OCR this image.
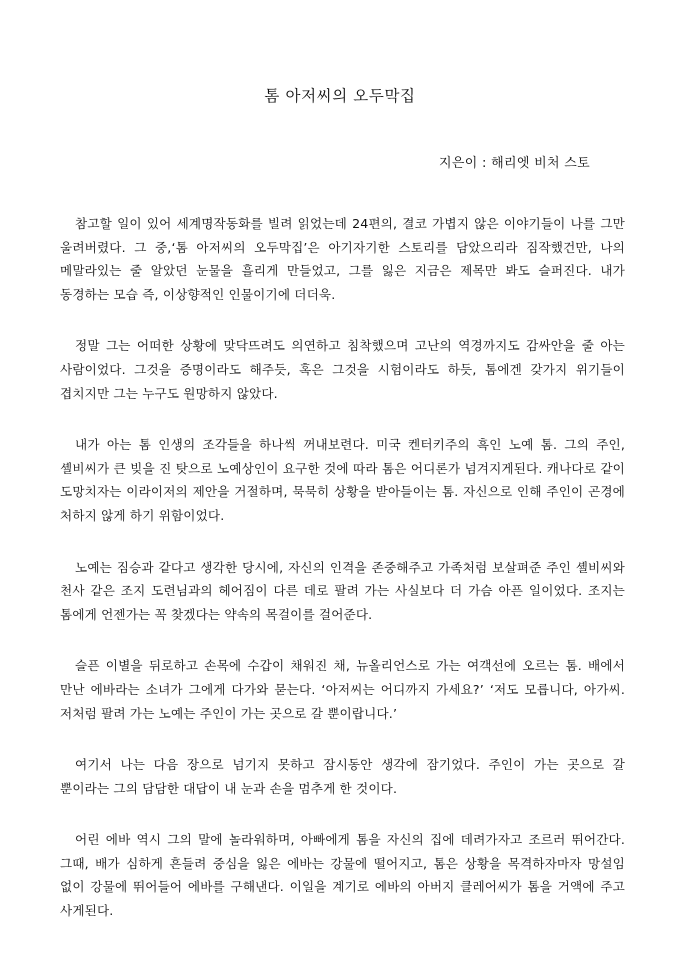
톰 아저씨의 오두막집
지은이 : 해리엣 비처 스토

참고할 일이 있어 세계명작동화를 빌려 읽었는데 24편의, 결코 가볍지 않은 이야기들이 나를 그만 울려버렸다. 그 중,‘톰 아저씨의 오두막집’은 아기자기한 스토리를 담았으리라 짐작했건만, 나의 메말라있는 줄 알았던 눈물을 흘리게 만들었고, 그를 잃은 지금은 제목만 봐도 슬퍼진다. 내가 동경하는 모습 즉, 이상향적인 인물이기에 더더욱.

정말 그는 어떠한 상황에 맞닥뜨려도 의연하고 침착했으며 고난의 역경까지도 감싸안을 줄 아는 사람이었다. 그것을 증명이라도 해주듯, 혹은 그것을 시험이라도 하듯, 톰에겐 갖가지 위기들이 겹치지만 그는 누구도 원망하지 않았다.

내가 아는 톰 인생의 조각들을 하나씩 꺼내보련다. 미국 켄터키주의 흑인 노예 톰. 그의 주인, 셸비씨가 큰 빚을 진 탓으로 노예상인이 요구한 것에 따라 톰은 어디론가 넘겨지게된다. 캐나다로 같이 도망치자는 이라이저의 제안을 거절하며, 묵묵히 상황을 받아들이는 톰. 자신으로 인해 주인이 곤경에 처하지 않게 하기 위함이었다.

노예는 짐승과 같다고 생각한 당시에, 자신의 인격을 존중해주고 가족처럼 보살펴준 주인 셸비씨와 천사 같은 조지 도련님과의 헤어짐이 다른 데로 팔려 가는 사실보다 더 가슴 아픈 일이었다. 조지는 톰에게 언젠가는 꼭 찾겠다는 약속의 목걸이를 걸어준다.

슬픈 이별을 뒤로하고 손목에 수갑이 채워진 채, 뉴올리언스로 가는 여객선에 오르는 톰. 배에서 만난 에바라는 소녀가 그에게 다가와 묻는다. ‘아저씨는 어디까지 가세요?’ ‘저도 모릅니다, 아가씨. 저처럼 팔려 가는 노예는 주인이 가는 곳으로 갈 뿐이랍니다.’

여기서 나는 다음 장으로 넘기지 못하고 잠시동안 생각에 잠기었다. 주인이 가는 곳으로 갈 뿐이라는 그의 담담한 대답이 내 눈과 손을 멈추게 한 것이다.

어린 에바 역시 그의 말에 놀라워하며, 아빠에게 톰을 자신의 집에 데려가자고 조르러 뛰어간다. 그때, 배가 심하게 흔들려 중심을 잃은 에바는 강물에 떨어지고, 톰은 상황을 목격하자마자 망설임 없이 강물에 뛰어들어 에바를 구해낸다. 이일을 계기로 에바의 아버지 클레어씨가 톰을 거액에 주고 사게된다.
